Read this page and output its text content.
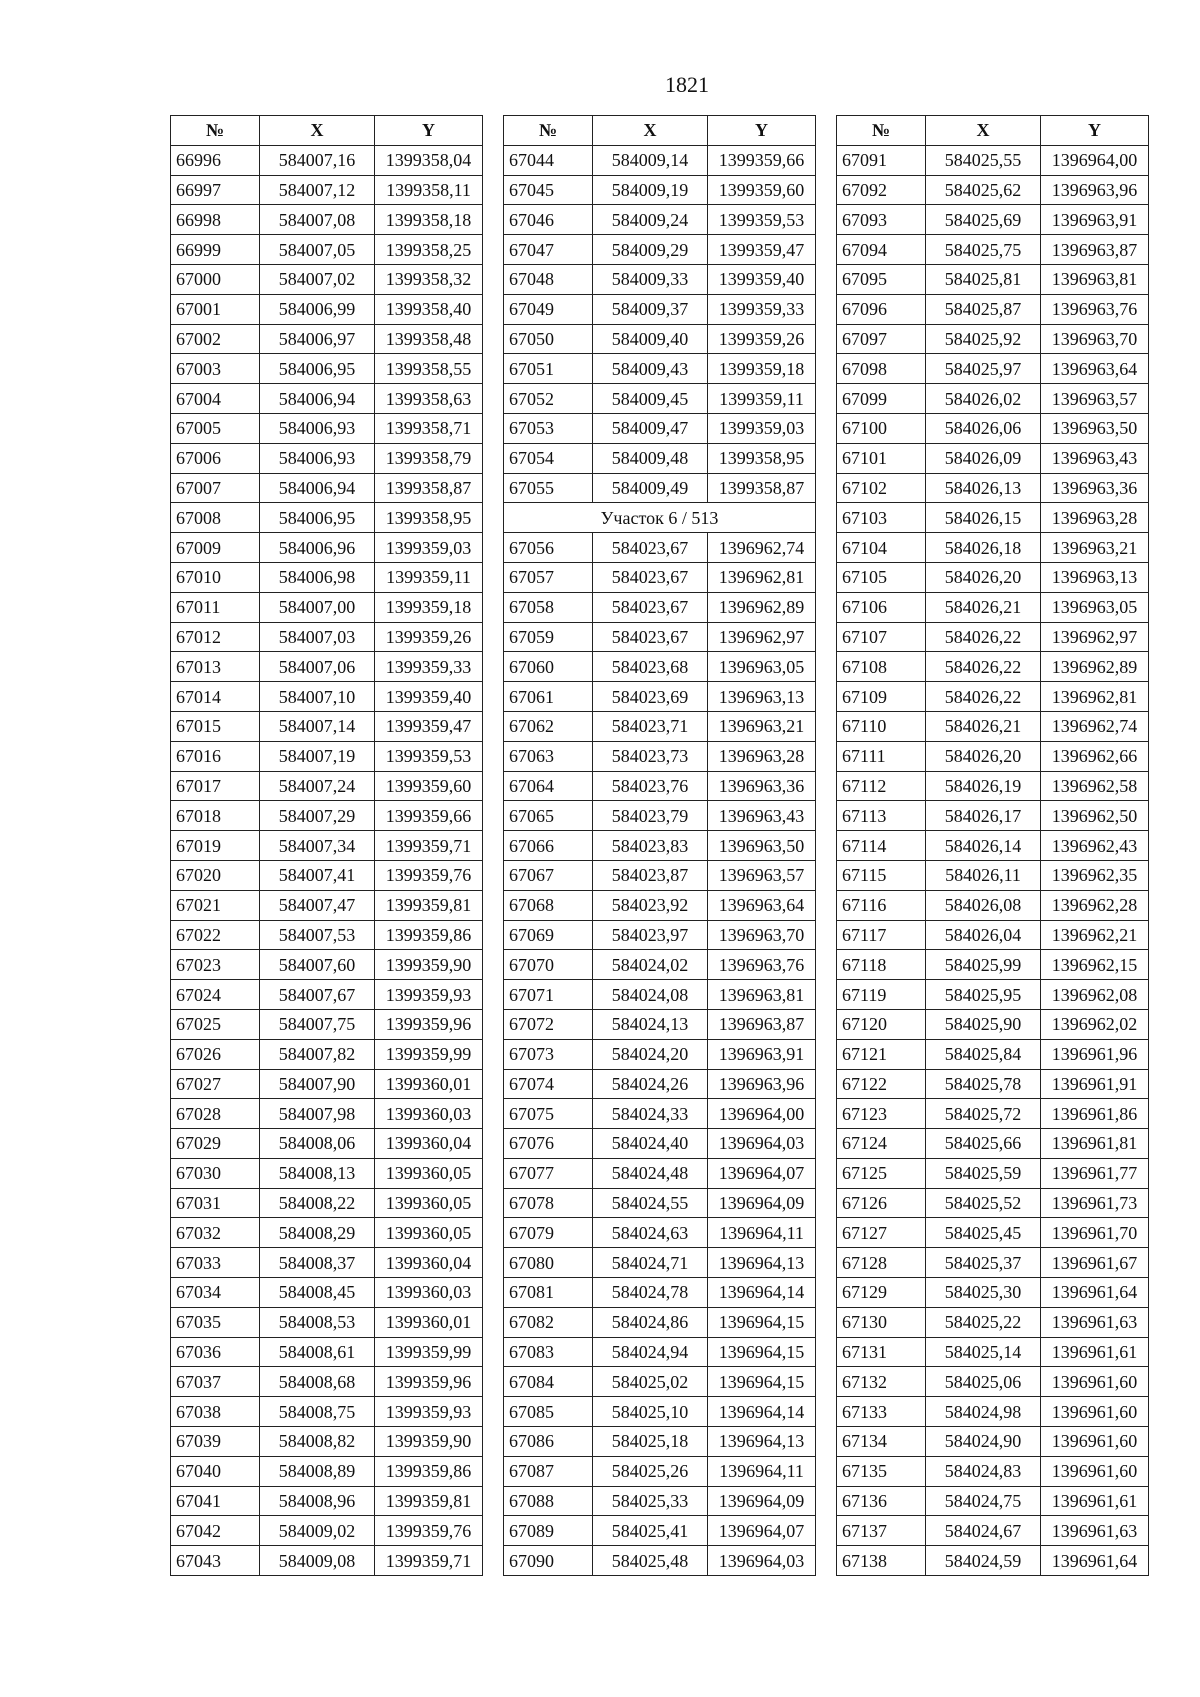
1821
№	X	Y
66996	584007,16	1399358,04
66997	584007,12	1399358,11
66998	584007,08	1399358,18
66999	584007,05	1399358,25
67000	584007,02	1399358,32
67001	584006,99	1399358,40
67002	584006,97	1399358,48
67003	584006,95	1399358,55
67004	584006,94	1399358,63
67005	584006,93	1399358,71
67006	584006,93	1399358,79
67007	584006,94	1399358,87
67008	584006,95	1399358,95
67009	584006,96	1399359,03
67010	584006,98	1399359,11
67011	584007,00	1399359,18
67012	584007,03	1399359,26
67013	584007,06	1399359,33
67014	584007,10	1399359,40
67015	584007,14	1399359,47
67016	584007,19	1399359,53
67017	584007,24	1399359,60
67018	584007,29	1399359,66
67019	584007,34	1399359,71
67020	584007,41	1399359,76
67021	584007,47	1399359,81
67022	584007,53	1399359,86
67023	584007,60	1399359,90
67024	584007,67	1399359,93
67025	584007,75	1399359,96
67026	584007,82	1399359,99
67027	584007,90	1399360,01
67028	584007,98	1399360,03
67029	584008,06	1399360,04
67030	584008,13	1399360,05
67031	584008,22	1399360,05
67032	584008,29	1399360,05
67033	584008,37	1399360,04
67034	584008,45	1399360,03
67035	584008,53	1399360,01
67036	584008,61	1399359,99
67037	584008,68	1399359,96
67038	584008,75	1399359,93
67039	584008,82	1399359,90
67040	584008,89	1399359,86
67041	584008,96	1399359,81
67042	584009,02	1399359,76
67043	584009,08	1399359,71
№	X	Y
67044	584009,14	1399359,66
67045	584009,19	1399359,60
67046	584009,24	1399359,53
67047	584009,29	1399359,47
67048	584009,33	1399359,40
67049	584009,37	1399359,33
67050	584009,40	1399359,26
67051	584009,43	1399359,18
67052	584009,45	1399359,11
67053	584009,47	1399359,03
67054	584009,48	1399358,95
67055	584009,49	1399358,87
Участок 6 / 513		
67056	584023,67	1396962,74
67057	584023,67	1396962,81
67058	584023,67	1396962,89
67059	584023,67	1396962,97
67060	584023,68	1396963,05
67061	584023,69	1396963,13
67062	584023,71	1396963,21
67063	584023,73	1396963,28
67064	584023,76	1396963,36
67065	584023,79	1396963,43
67066	584023,83	1396963,50
67067	584023,87	1396963,57
67068	584023,92	1396963,64
67069	584023,97	1396963,70
67070	584024,02	1396963,76
67071	584024,08	1396963,81
67072	584024,13	1396963,87
67073	584024,20	1396963,91
67074	584024,26	1396963,96
67075	584024,33	1396964,00
67076	584024,40	1396964,03
67077	584024,48	1396964,07
67078	584024,55	1396964,09
67079	584024,63	1396964,11
67080	584024,71	1396964,13
67081	584024,78	1396964,14
67082	584024,86	1396964,15
67083	584024,94	1396964,15
67084	584025,02	1396964,15
67085	584025,10	1396964,14
67086	584025,18	1396964,13
67087	584025,26	1396964,11
67088	584025,33	1396964,09
67089	584025,41	1396964,07
67090	584025,48	1396964,03
№	X	Y
67091	584025,55	1396964,00
67092	584025,62	1396963,96
67093	584025,69	1396963,91
67094	584025,75	1396963,87
67095	584025,81	1396963,81
67096	584025,87	1396963,76
67097	584025,92	1396963,70
67098	584025,97	1396963,64
67099	584026,02	1396963,57
67100	584026,06	1396963,50
67101	584026,09	1396963,43
67102	584026,13	1396963,36
67103	584026,15	1396963,28
67104	584026,18	1396963,21
67105	584026,20	1396963,13
67106	584026,21	1396963,05
67107	584026,22	1396962,97
67108	584026,22	1396962,89
67109	584026,22	1396962,81
67110	584026,21	1396962,74
67111	584026,20	1396962,66
67112	584026,19	1396962,58
67113	584026,17	1396962,50
67114	584026,14	1396962,43
67115	584026,11	1396962,35
67116	584026,08	1396962,28
67117	584026,04	1396962,21
67118	584025,99	1396962,15
67119	584025,95	1396962,08
67120	584025,90	1396962,02
67121	584025,84	1396961,96
67122	584025,78	1396961,91
67123	584025,72	1396961,86
67124	584025,66	1396961,81
67125	584025,59	1396961,77
67126	584025,52	1396961,73
67127	584025,45	1396961,70
67128	584025,37	1396961,67
67129	584025,30	1396961,64
67130	584025,22	1396961,63
67131	584025,14	1396961,61
67132	584025,06	1396961,60
67133	584024,98	1396961,60
67134	584024,90	1396961,60
67135	584024,83	1396961,60
67136	584024,75	1396961,61
67137	584024,67	1396961,63
67138	584024,59	1396961,64
